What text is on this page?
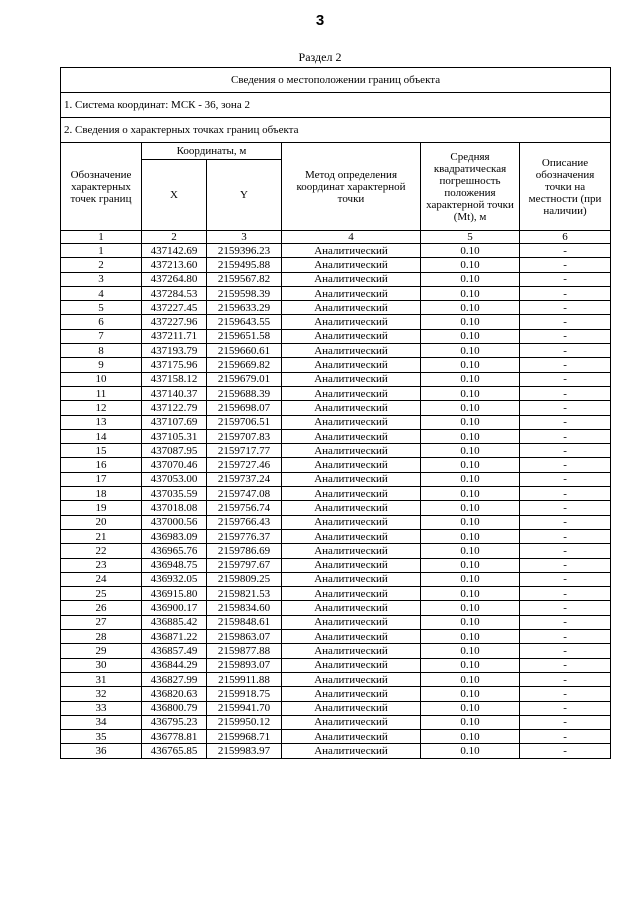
3
Раздел 2
Сведения о местоположении границ объекта					
1. Система координат: МСК - 36, зона 2					
2. Сведения о характерных точках границ объекта					
Обозначение характерных точек границ	Координаты, м		Метод определения координат характерной точки	Средняя квадратическая погрешность положения характерной точки (Mt), м	Описание обозначения точки на местности (при наличии)
	X	Y			
1	2	3	4	5	6
1	437142.69	2159396.23	Аналитический	0.10	-
2	437213.60	2159495.88	Аналитический	0.10	-
3	437264.80	2159567.82	Аналитический	0.10	-
4	437284.53	2159598.39	Аналитический	0.10	-
5	437227.45	2159633.29	Аналитический	0.10	-
6	437227.96	2159643.55	Аналитический	0.10	-
7	437211.71	2159651.58	Аналитический	0.10	-
8	437193.79	2159660.61	Аналитический	0.10	-
9	437175.96	2159669.82	Аналитический	0.10	-
10	437158.12	2159679.01	Аналитический	0.10	-
11	437140.37	2159688.39	Аналитический	0.10	-
12	437122.79	2159698.07	Аналитический	0.10	-
13	437107.69	2159706.51	Аналитический	0.10	-
14	437105.31	2159707.83	Аналитический	0.10	-
15	437087.95	2159717.77	Аналитический	0.10	-
16	437070.46	2159727.46	Аналитический	0.10	-
17	437053.00	2159737.24	Аналитический	0.10	-
18	437035.59	2159747.08	Аналитический	0.10	-
19	437018.08	2159756.74	Аналитический	0.10	-
20	437000.56	2159766.43	Аналитический	0.10	-
21	436983.09	2159776.37	Аналитический	0.10	-
22	436965.76	2159786.69	Аналитический	0.10	-
23	436948.75	2159797.67	Аналитический	0.10	-
24	436932.05	2159809.25	Аналитический	0.10	-
25	436915.80	2159821.53	Аналитический	0.10	-
26	436900.17	2159834.60	Аналитический	0.10	-
27	436885.42	2159848.61	Аналитический	0.10	-
28	436871.22	2159863.07	Аналитический	0.10	-
29	436857.49	2159877.88	Аналитический	0.10	-
30	436844.29	2159893.07	Аналитический	0.10	-
31	436827.99	2159911.88	Аналитический	0.10	-
32	436820.63	2159918.75	Аналитический	0.10	-
33	436800.79	2159941.70	Аналитический	0.10	-
34	436795.23	2159950.12	Аналитический	0.10	-
35	436778.81	2159968.71	Аналитический	0.10	-
36	436765.85	2159983.97	Аналитический	0.10	-
